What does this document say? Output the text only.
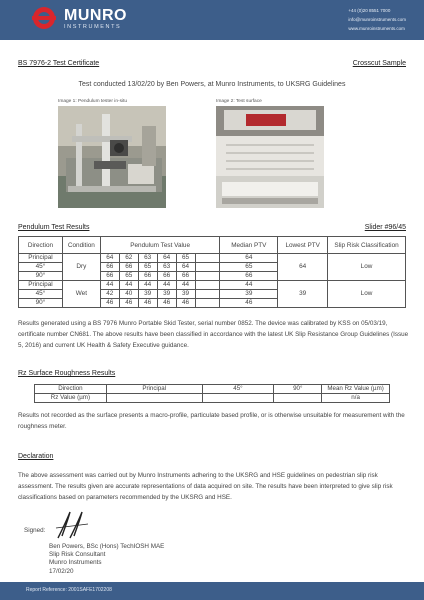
MUNRO
INSTRUMENTS
+44 (0)20 8551 7000
info@munroinstruments.com
www.munroinstruments.com
BS 7976-2 Test Certificate	Crosscut Sample
Test conducted 13/02/20 by Ben Powers, at Munro Instruments, to UKSRG Guidelines
Image 1: Pendulum tester in-situ	Image 2: Test surface
Pendulum Test Results	Slider #96/45
Direction	Condition	Pendulum Test Value						Median PTV	Lowest PTV	Slip Risk Classification
Principal	Dry	64	62	63	64	65		64	64	Low
45°		66	66	65	63	64		65		
90°		66	65	66	66	66		66		
Principal	Wet	44	44	44	44	44		44	39	Low
45°		42	40	39	39	39		39		
90°		46	46	46	46	46		46		
Results generated using a BS 7976 Munro Portable Skid Tester, serial number 0852. The device was calibrated by KSS on 05/03/19, certificate number CN681. The above results have been classified in accordance with the latest UK Slip Resistance Group Guidelines (Issue 5, 2016) and current UK Health & Safety Executive guidance.
Rz Surface Roughness Results
Direction	Principal	45°	90°	Mean Rz Value (µm)
Rz Value (µm)				n/a
Results not recorded as the surface presents a macro-profile, particulate based profile, or is otherwise unsuitable for measurement with the roughness meter.
Declaration
The above assessment was carried out by Munro Instruments adhering to the UKSRG and HSE guidelines on pedestrian slip risk assessment. The results given are accurate representations of data acquired on site. The results have been interpreted to give slip risk classifications based on parameters recommended by the UKSRG and HSE.
Signed:
Ben Powers, BSc (Hons) TechIOSH MAE
Slip Risk Consultant
Munro Instruments
17/02/20
Report Reference: 2001SAFE1702208
